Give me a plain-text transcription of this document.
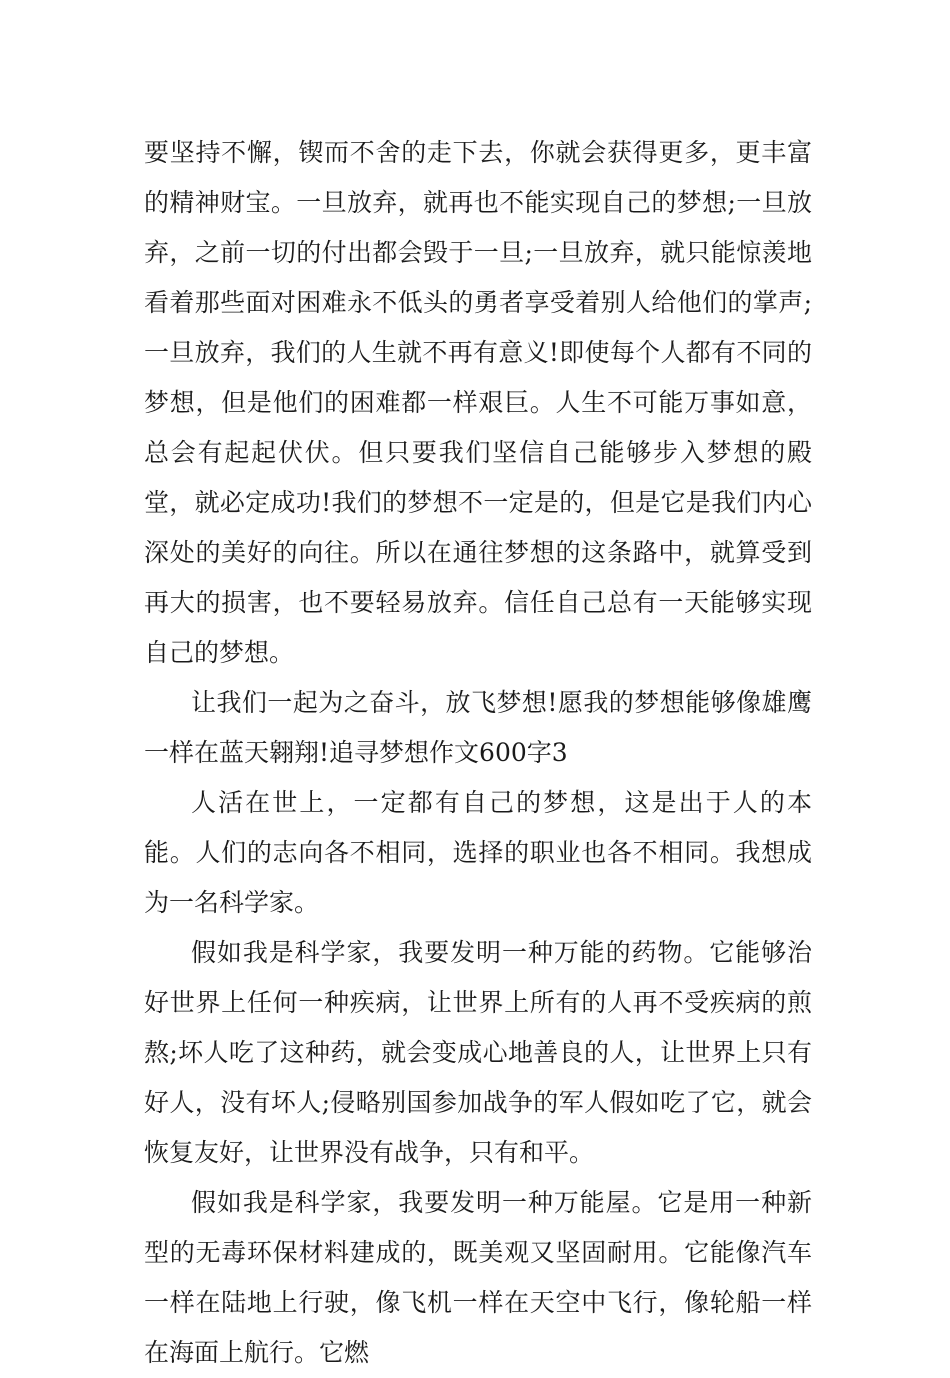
要坚持不懈，锲而不舍的走下去，你就会获得更多，更丰富的精神财宝。一旦放弃，就再也不能实现自己的梦想;一旦放弃，之前一切的付出都会毁于一旦;一旦放弃，就只能惊羡地看着那些面对困难永不低头的勇者享受着别人给他们的掌声;一旦放弃，我们的人生就不再有意义!即使每个人都有不同的梦想，但是他们的困难都一样艰巨。人生不可能万事如意，总会有起起伏伏。但只要我们坚信自己能够步入梦想的殿堂，就必定成功!我们的梦想不一定是的，但是它是我们内心深处的美好的向往。所以在通往梦想的这条路中，就算受到再大的损害，也不要轻易放弃。信任自己总有一天能够实现自己的梦想。

让我们一起为之奋斗，放飞梦想!愿我的梦想能够像雄鹰一样在蓝天翱翔!追寻梦想作文600字3

人活在世上，一定都有自己的梦想，这是出于人的本能。人们的志向各不相同，选择的职业也各不相同。我想成为一名科学家。

假如我是科学家，我要发明一种万能的药物。它能够治好世界上任何一种疾病，让世界上所有的人再不受疾病的煎熬;坏人吃了这种药，就会变成心地善良的人，让世界上只有好人，没有坏人;侵略别国参加战争的军人假如吃了它，就会恢复友好，让世界没有战争，只有和平。

假如我是科学家，我要发明一种万能屋。它是用一种新型的无毒环保材料建成的，既美观又坚固耐用。它能像汽车一样在陆地上行驶，像飞机一样在天空中飞行，像轮船一样在海面上航行。它燃
